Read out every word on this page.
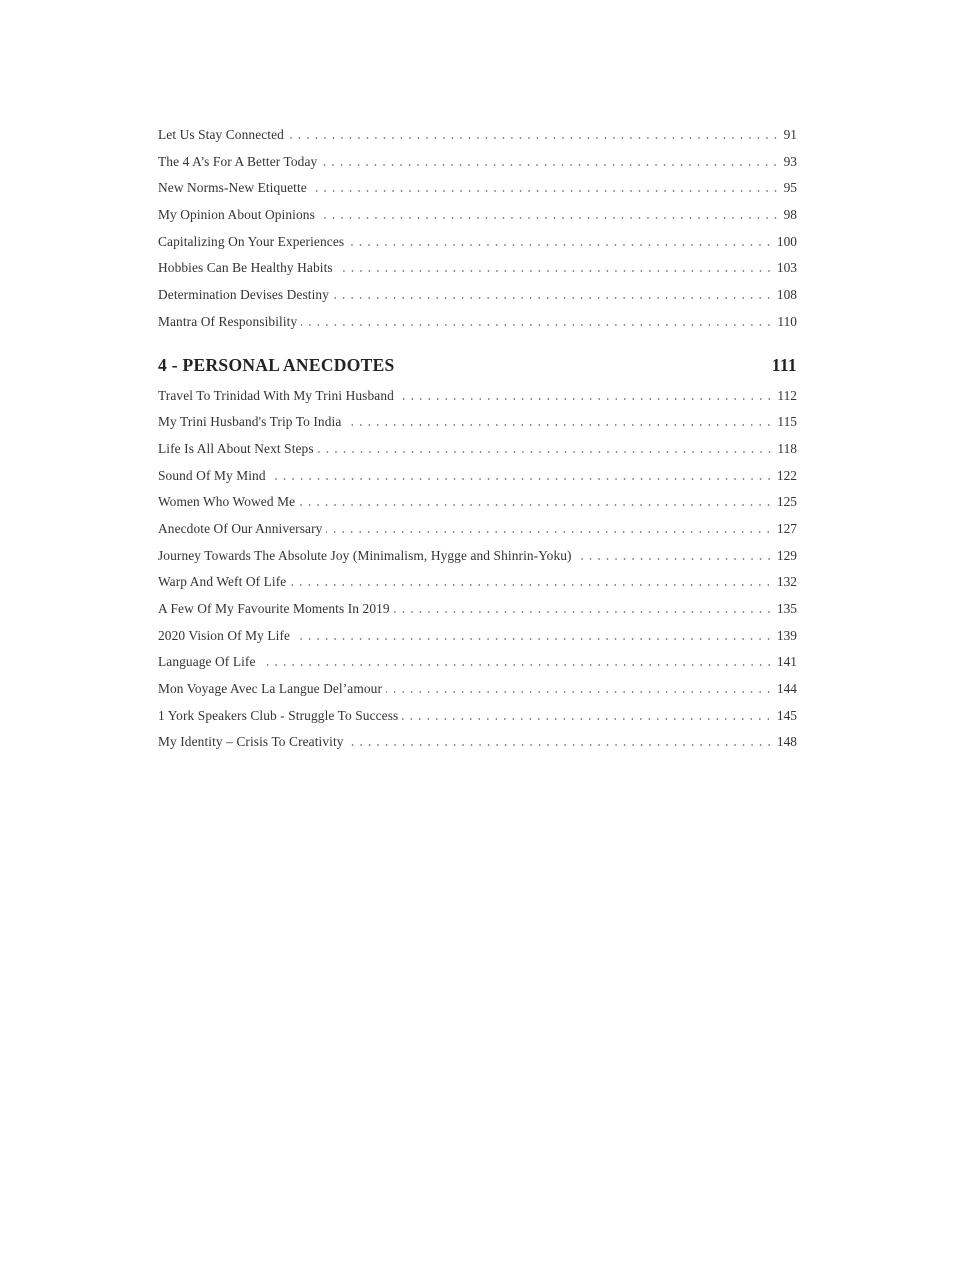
Let Us Stay Connected	91
The 4 A’s For A Better Today	93
New Norms-New Etiquette	95
My Opinion About Opinions	98
Capitalizing On Your Experiences	100
Hobbies Can Be Healthy Habits	103
Determination Devises Destiny	108
Mantra Of Responsibility	110
4 - PERSONAL ANECDOTES	111
Travel To Trinidad With My Trini Husband	112
My Trini Husband's Trip To India	115
Life Is All About Next Steps	118
Sound Of My Mind	122
Women Who Wowed Me	125
Anecdote Of Our Anniversary	127
Journey Towards The Absolute Joy (Minimalism, Hygge and Shinrin-Yoku)	129
Warp And Weft Of Life	132
A Few Of My Favourite Moments In 2019	135
2020 Vision Of My Life	139
Language Of Life	141
Mon Voyage Avec La Langue Del’amour	144
1 York Speakers Club - Struggle To Success	145
My Identity – Crisis To Creativity	148
